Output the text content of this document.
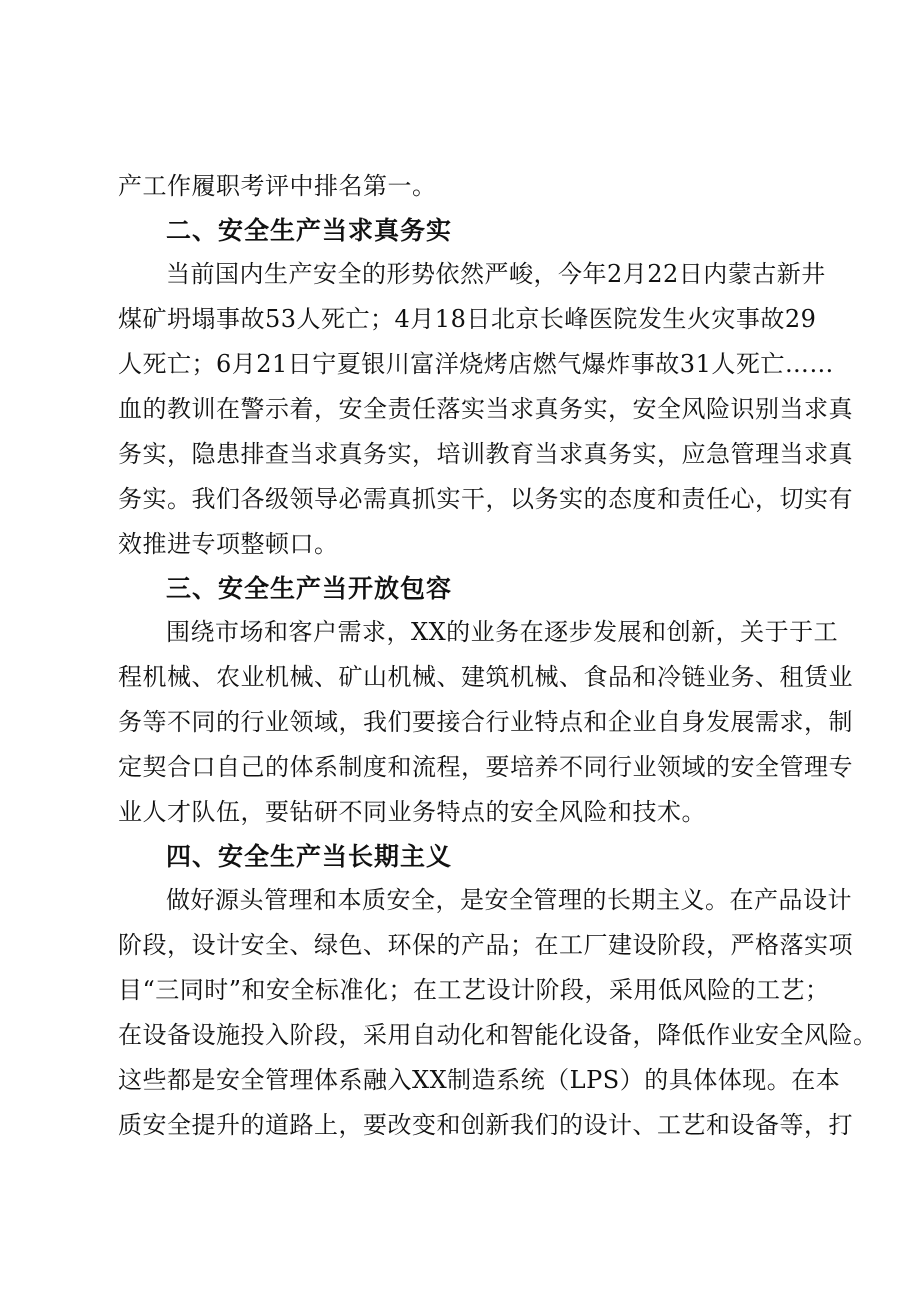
产工作履职考评中排名第一。
二、安全生产当求真务实
当前国内生产安全的形势依然严峻，今年2月22日内蒙古新井
煤矿坍塌事故53人死亡；4月18日北京长峰医院发生火灾事故29
人死亡；6月21日宁夏银川富洋烧烤店燃气爆炸事故31人死亡……
血的教训在警示着，安全责任落实当求真务实，安全风险识别当求真
务实，隐患排查当求真务实，培训教育当求真务实，应急管理当求真
务实。我们各级领导必需真抓实干，以务实的态度和责任心，切实有
效推进专项整顿口。
三、安全生产当开放包容
围绕市场和客户需求，XX的业务在逐步发展和创新，关于于工
程机械、农业机械、矿山机械、建筑机械、食品和冷链业务、租赁业
务等不同的行业领域，我们要接合行业特点和企业自身发展需求，制
定契合口自己的体系制度和流程，要培养不同行业领域的安全管理专
业人才队伍，要钻研不同业务特点的安全风险和技术。
四、安全生产当长期主义
做好源头管理和本质安全，是安全管理的长期主义。在产品设计
阶段，设计安全、绿色、环保的产品；在工厂建设阶段，严格落实项
目“三同时”和安全标准化；在工艺设计阶段，采用低风险的工艺；
在设备设施投入阶段，采用自动化和智能化设备，降低作业安全风险。
这些都是安全管理体系融入XX制造系统（LPS）的具体体现。在本
质安全提升的道路上，要改变和创新我们的设计、工艺和设备等，打
